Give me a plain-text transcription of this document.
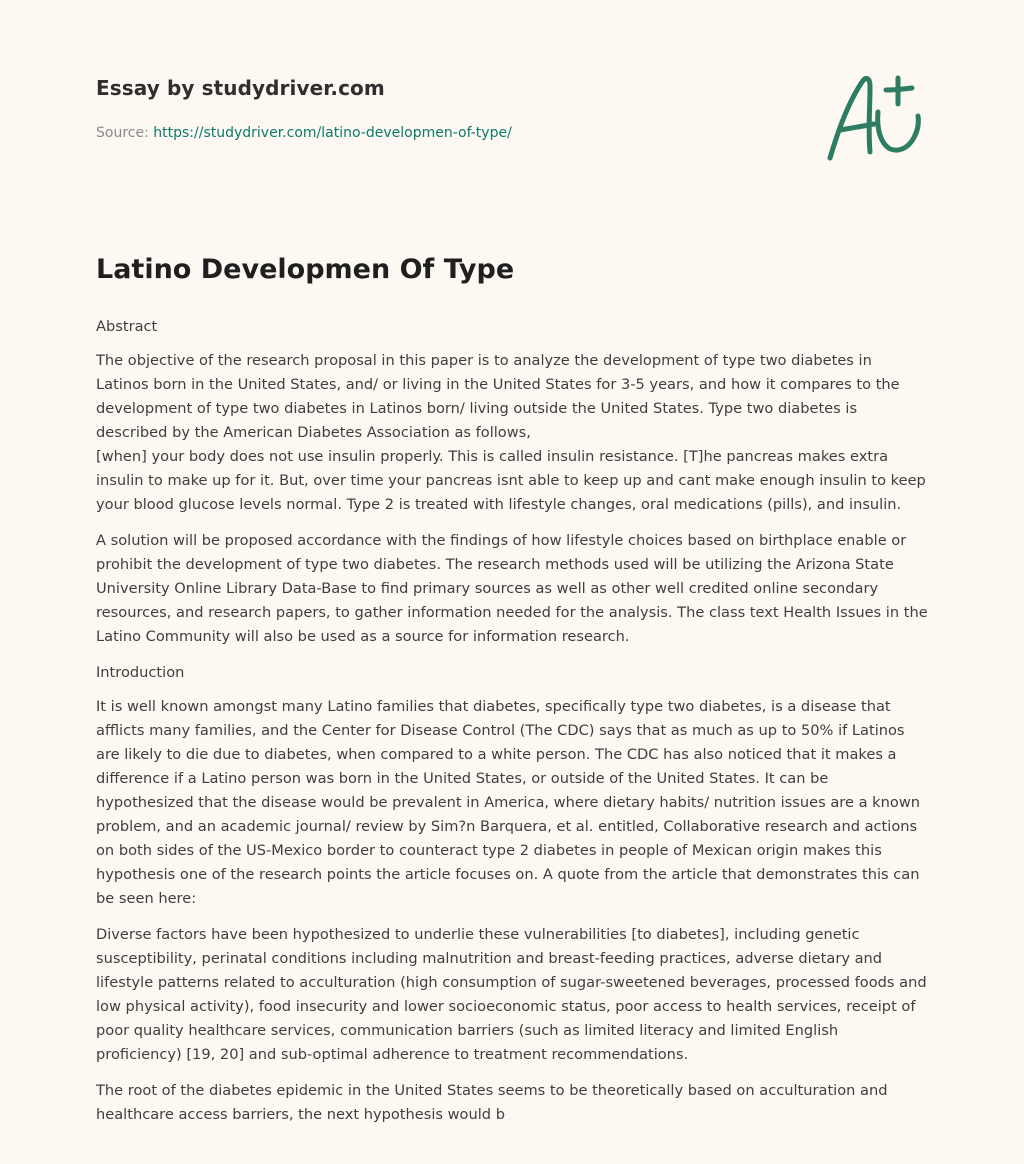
Essay by studydriver.com
Source: https://studydriver.com/latino-developmen-of-type/
Latino Developmen Of Type

Abstract

The objective of the research proposal in this paper is to analyze the development of type two diabetes in Latinos born in the United States, and/ or living in the United States for 3-5 years, and how it compares to the development of type two diabetes in Latinos born/ living outside the United States. Type two diabetes is described by the American Diabetes Association as follows,

[when] your body does not use insulin properly. This is called insulin resistance. [T]he pancreas makes extra insulin to make up for it. But, over time your pancreas isnt able to keep up and cant make enough insulin to keep your blood glucose levels normal. Type 2 is treated with lifestyle changes, oral medications (pills), and insulin.

A solution will be proposed accordance with the findings of how lifestyle choices based on birthplace enable or prohibit the development of type two diabetes. The research methods used will be utilizing the Arizona State University Online Library Data-Base to find primary sources as well as other well credited online secondary resources, and research papers, to gather information needed for the analysis. The class text Health Issues in the Latino Community will also be used as a source for information research.

Introduction

It is well known amongst many Latino families that diabetes, specifically type two diabetes, is a disease that afflicts many families, and the Center for Disease Control (The CDC) says that as much as up to 50% if Latinos are likely to die due to diabetes, when compared to a white person. The CDC has also noticed that it makes a difference if a Latino person was born in the United States, or outside of the United States. It can be hypothesized that the disease would be prevalent in America, where dietary habits/ nutrition issues are a known problem, and an academic journal/ review by Sim?n Barquera, et al. entitled, Collaborative research and actions on both sides of the US-Mexico border to counteract type 2 diabetes in people of Mexican origin makes this hypothesis one of the research points the article focuses on. A quote from the article that demonstrates this can be seen here:

Diverse factors have been hypothesized to underlie these vulnerabilities [to diabetes], including genetic susceptibility, perinatal conditions including malnutrition and breast-feeding practices, adverse dietary and lifestyle patterns related to acculturation (high consumption of sugar-sweetened beverages, processed foods and low physical activity), food insecurity and lower socioeconomic status, poor access to health services, receipt of poor quality healthcare services, communication barriers (such as limited literacy and limited English proficiency) [19, 20] and sub-optimal adherence to treatment recommendations.

The root of the diabetes epidemic in the United States seems to be theoretically based on acculturation and healthcare access barriers, the next hypothesis would b
